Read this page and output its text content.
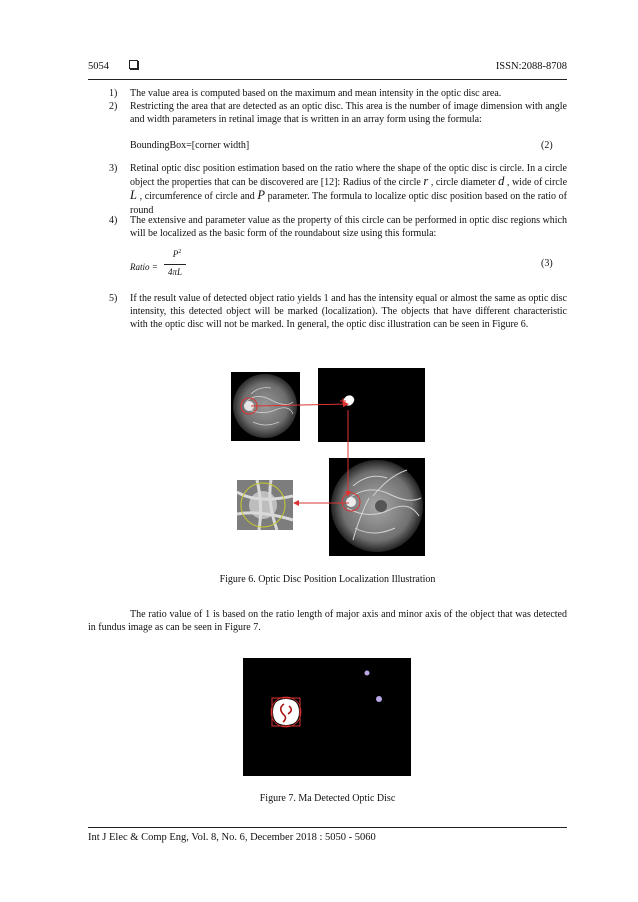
5054	ISSN:2088-8708
1) The value area is computed based on the maximum and mean intensity in the optic disc area.
2) Restricting the area that are detected as an optic disc. This area is the number of image dimension with angle and width parameters in retinal image that is written in an array form using the formula:
BoundingBox=[corner width]	(2)
3) Retinal optic disc position estimation based on the ratio where the shape of the optic disc is circle. In a circle object the properties that can be discovered are [12]: Radius of the circle r , circle diameter d , wide of circle L , circumference of circle and P parameter. The formula to localize optic disc position based on the ratio of round
4) The extensive and parameter value as the property of this circle can be performed in optic disc regions which will be localized as the basic form of the roundabout size using this formula:
Ratio =
$P^2$
4πL
(3)
5) If the result value of detected object ratio yields 1 and has the intensity equal or almost the same as optic disc intensity, this detected object will be marked (localization). The objects that have different characteristic with the optic disc will not be marked. In general, the optic disc illustration can be seen in Figure 6.
Figure 6. Optic Disc Position Localization Illustration
The ratio value of 1 is based on the ratio length of major axis and minor axis of the object that was detected in fundus image as can be seen in Figure 7.
Figure 7. Ma Detected Optic Disc
Int J Elec & Comp Eng, Vol. 8, No. 6, December 2018 : 5050 - 5060
